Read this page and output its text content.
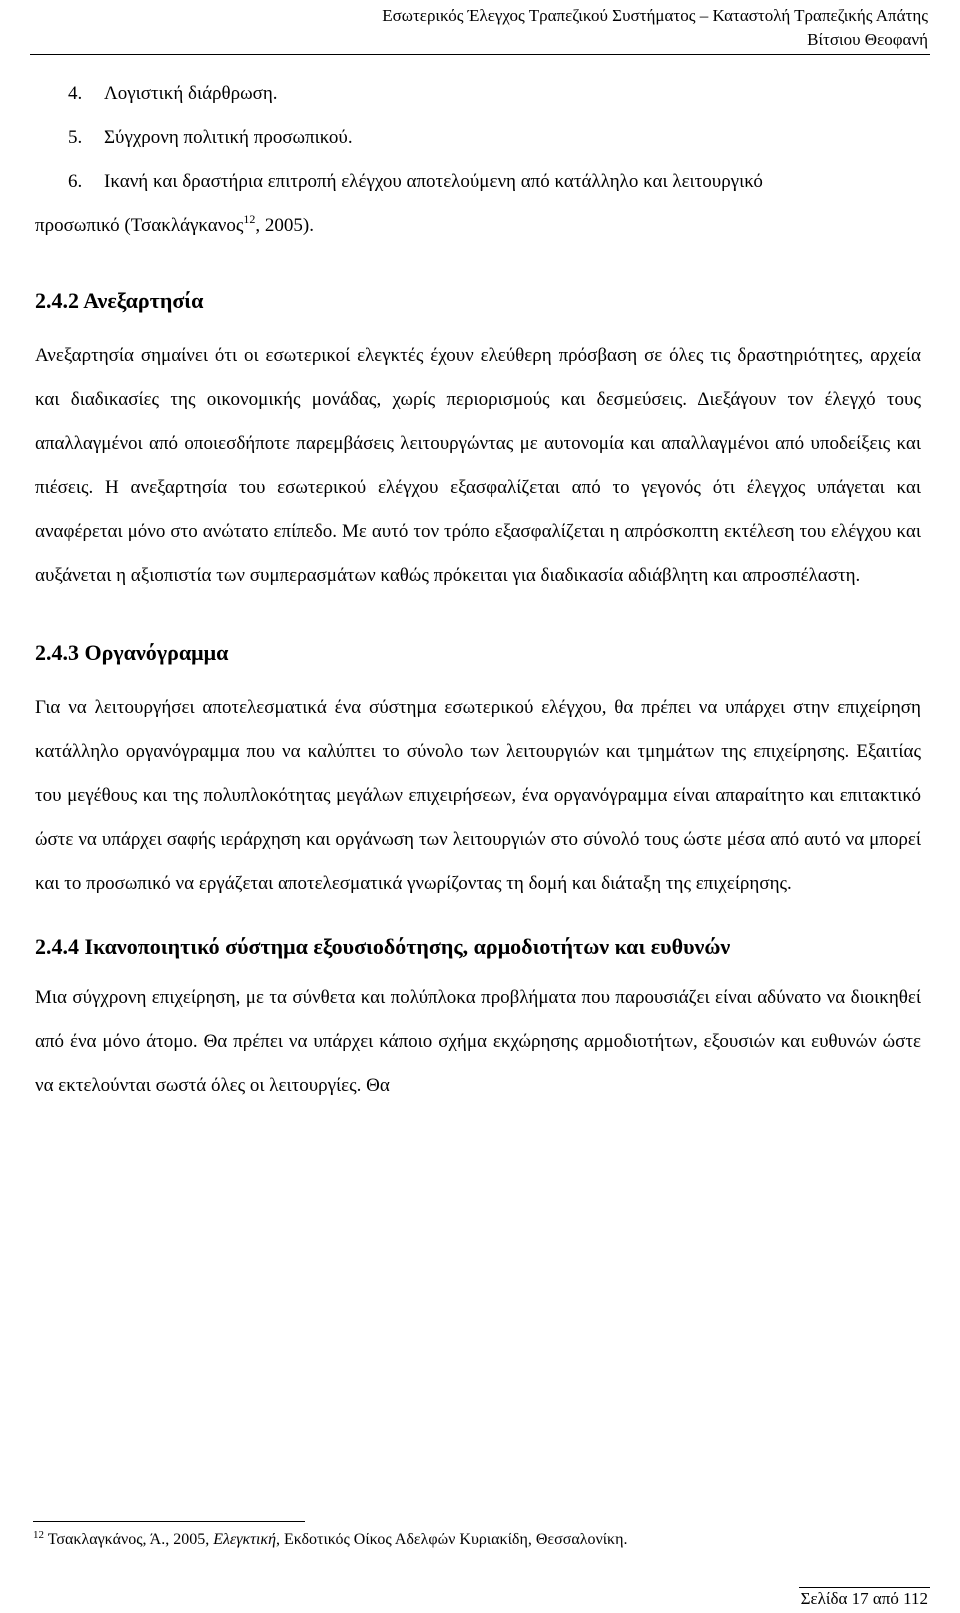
Εσωτερικός Έλεγχος Τραπεζικού Συστήματος – Καταστολή Τραπεζικής Απάτης
Βίτσιου Θεοφανή
4. Λογιστική διάρθρωση.
5. Σύγχρονη πολιτική προσωπικού.
6. Ικανή και δραστήρια επιτροπή ελέγχου αποτελούμενη από κατάλληλο και λειτουργικό
προσωπικό (Τσακλάγκανος$^{12}$, 2005).
2.4.2 Ανεξαρτησία

Ανεξαρτησία σημαίνει ότι οι εσωτερικοί ελεγκτές έχουν ελεύθερη πρόσβαση σε όλες τις δραστηριότητες, αρχεία και διαδικασίες της οικονομικής μονάδας, χωρίς περιορισμούς και δεσμεύσεις. Διεξάγουν τον έλεγχό τους απαλλαγμένοι από οποιεσδήποτε παρεμβάσεις λειτουργώντας με αυτονομία και απαλλαγμένοι από υποδείξεις και πιέσεις. Η ανεξαρτησία του εσωτερικού ελέγχου εξασφαλίζεται από το γεγονός ότι έλεγχος υπάγεται και αναφέρεται μόνο στο ανώτατο επίπεδο. Με αυτό τον τρόπο εξασφαλίζεται η απρόσκοπτη εκτέλεση του ελέγχου και αυξάνεται η αξιοπιστία των συμπερασμάτων καθώς πρόκειται για διαδικασία αδιάβλητη και απροσπέλαστη.

2.4.3 Οργανόγραμμα

Για να λειτουργήσει αποτελεσματικά ένα σύστημα εσωτερικού ελέγχου, θα πρέπει να υπάρχει στην επιχείρηση κατάλληλο οργανόγραμμα που να καλύπτει το σύνολο των λειτουργιών και τμημάτων της επιχείρησης. Εξαιτίας του μεγέθους και της πολυπλοκότητας μεγάλων επιχειρήσεων, ένα οργανόγραμμα είναι απαραίτητο και επιτακτικό ώστε να υπάρχει σαφής ιεράρχηση και οργάνωση των λειτουργιών στο σύνολό τους ώστε μέσα από αυτό να μπορεί και το προσωπικό να εργάζεται αποτελεσματικά γνωρίζοντας τη δομή και διάταξη της επιχείρησης.

2.4.4 Ικανοποιητικό σύστημα εξουσιοδότησης, αρμοδιοτήτων και ευθυνών

Μια σύγχρονη επιχείρηση, με τα σύνθετα και πολύπλοκα προβλήματα που παρουσιάζει είναι αδύνατο να διοικηθεί από ένα μόνο άτομο. Θα πρέπει να υπάρχει κάποιο σχήμα εκχώρησης αρμοδιοτήτων, εξουσιών και ευθυνών ώστε να εκτελούνται σωστά όλες οι λειτουργίες. Θα

$^{12}$ Τσακλαγκάνος, Ά., 2005, Ελεγκτική, Εκδοτικός Οίκος Αδελφών Κυριακίδη, Θεσσαλονίκη.
Σελίδα 17 από 112
